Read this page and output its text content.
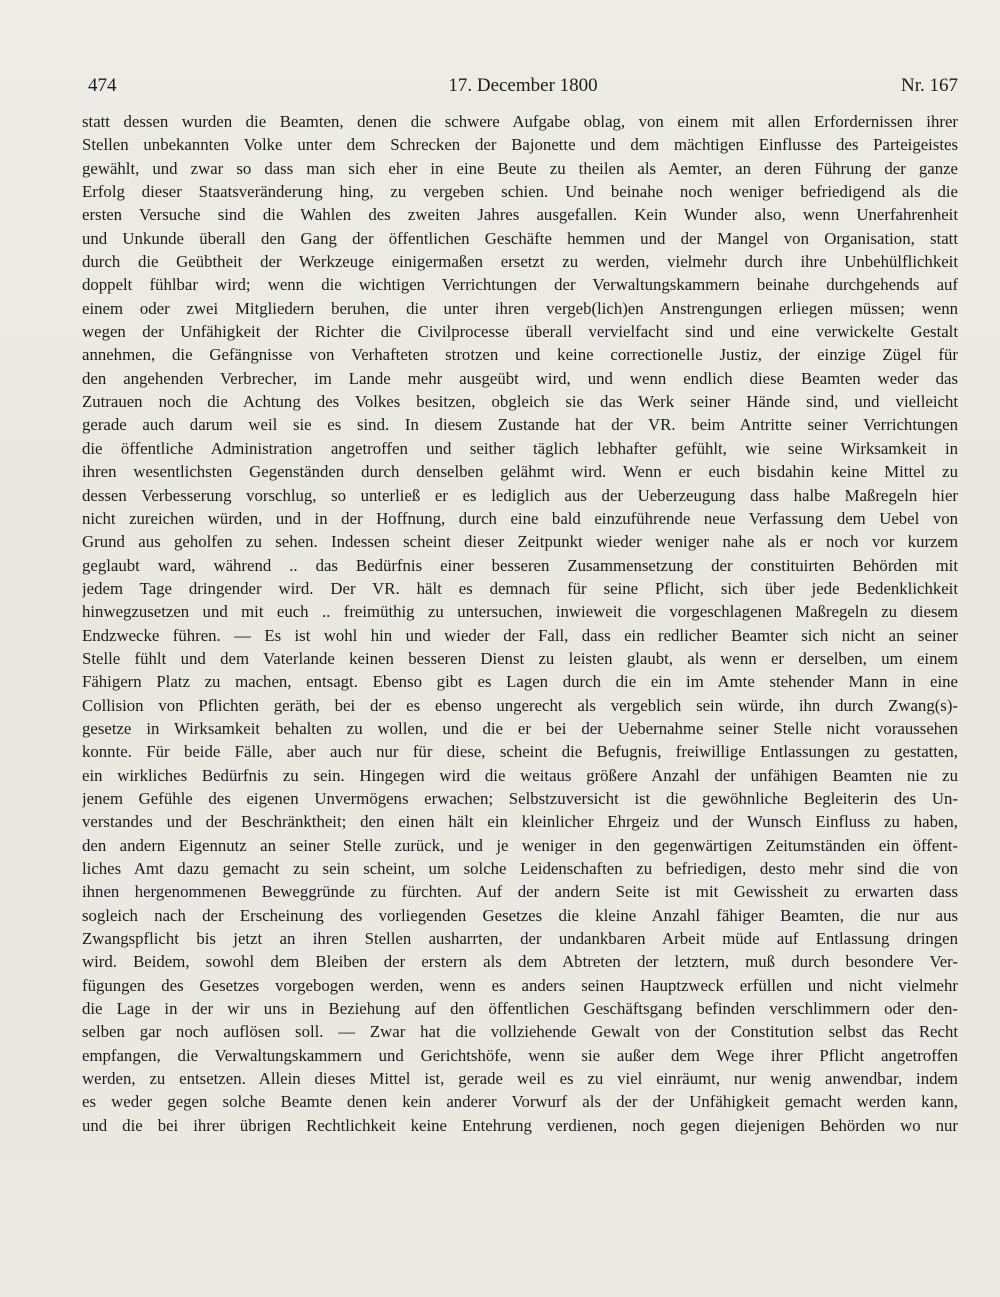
474	17. December 1800	Nr. 167
statt dessen wurden die Beamten, denen die schwere Aufgabe oblag, von einem mit allen Erfordernissen ihrer
Stellen unbekannten Volke unter dem Schrecken der Bajonette und dem mächtigen Einflusse des Parteigeistes
gewählt, und zwar so dass man sich eher in eine Beute zu theilen als Aemter, an deren Führung der ganze
Erfolg dieser Staatsveränderung hing, zu vergeben schien. Und beinahe noch weniger befriedigend als die
ersten Versuche sind die Wahlen des zweiten Jahres ausgefallen. Kein Wunder also, wenn Unerfahrenheit
und Unkunde überall den Gang der öffentlichen Geschäfte hemmen und der Mangel von Organisation, statt
durch die Geübtheit der Werkzeuge einigermaßen ersetzt zu werden, vielmehr durch ihre Unbehülflichkeit
doppelt fühlbar wird; wenn die wichtigen Verrichtungen der Verwaltungskammern beinahe durchgehends auf
einem oder zwei Mitgliedern beruhen, die unter ihren vergeb(lich)en Anstrengungen erliegen müssen; wenn
wegen der Unfähigkeit der Richter die Civilprocesse überall vervielfacht sind und eine verwickelte Gestalt
annehmen, die Gefängnisse von Verhafteten strotzen und keine correctionelle Justiz, der einzige Zügel für
den angehenden Verbrecher, im Lande mehr ausgeübt wird, und wenn endlich diese Beamten weder das
Zutrauen noch die Achtung des Volkes besitzen, obgleich sie das Werk seiner Hände sind, und vielleicht
gerade auch darum weil sie es sind. In diesem Zustande hat der VR. beim Antritte seiner Verrichtungen
die öffentliche Administration angetroffen und seither täglich lebhafter gefühlt, wie seine Wirksamkeit in
ihren wesentlichsten Gegenständen durch denselben gelähmt wird. Wenn er euch bisdahin keine Mittel zu
dessen Verbesserung vorschlug, so unterließ er es lediglich aus der Ueberzeugung dass halbe Maßregeln hier
nicht zureichen würden, und in der Hoffnung, durch eine bald einzuführende neue Verfassung dem Uebel von
Grund aus geholfen zu sehen. Indessen scheint dieser Zeitpunkt wieder weniger nahe als er noch vor kurzem
geglaubt ward, während .. das Bedürfnis einer besseren Zusammensetzung der constituirten Behörden mit
jedem Tage dringender wird. Der VR. hält es demnach für seine Pflicht, sich über jede Bedenklichkeit
hinwegzusetzen und mit euch .. freimüthig zu untersuchen, inwieweit die vorgeschlagenen Maßregeln zu diesem
Endzwecke führen. — Es ist wohl hin und wieder der Fall, dass ein redlicher Beamter sich nicht an seiner
Stelle fühlt und dem Vaterlande keinen besseren Dienst zu leisten glaubt, als wenn er derselben, um einem
Fähigern Platz zu machen, entsagt. Ebenso gibt es Lagen durch die ein im Amte stehender Mann in eine
Collision von Pflichten geräth, bei der es ebenso ungerecht als vergeblich sein würde, ihn durch Zwang(s)-
gesetze in Wirksamkeit behalten zu wollen, und die er bei der Uebernahme seiner Stelle nicht voraussehen
konnte. Für beide Fälle, aber auch nur für diese, scheint die Befugnis, freiwillige Entlassungen zu gestatten,
ein wirkliches Bedürfnis zu sein. Hingegen wird die weitaus größere Anzahl der unfähigen Beamten nie zu
jenem Gefühle des eigenen Unvermögens erwachen; Selbstzuversicht ist die gewöhnliche Begleiterin des Un-
verstandes und der Beschränktheit; den einen hält ein kleinlicher Ehrgeiz und der Wunsch Einfluss zu haben,
den andern Eigennutz an seiner Stelle zurück, und je weniger in den gegenwärtigen Zeitumständen ein öffent-
liches Amt dazu gemacht zu sein scheint, um solche Leidenschaften zu befriedigen, desto mehr sind die von
ihnen hergenommenen Beweggründe zu fürchten. Auf der andern Seite ist mit Gewissheit zu erwarten dass
sogleich nach der Erscheinung des vorliegenden Gesetzes die kleine Anzahl fähiger Beamten, die nur aus
Zwangspflicht bis jetzt an ihren Stellen ausharrten, der undankbaren Arbeit müde auf Entlassung dringen
wird. Beidem, sowohl dem Bleiben der erstern als dem Abtreten der letztern, muß durch besondere Ver-
fügungen des Gesetzes vorgebogen werden, wenn es anders seinen Hauptzweck erfüllen und nicht vielmehr
die Lage in der wir uns in Beziehung auf den öffentlichen Geschäftsgang befinden verschlimmern oder den-
selben gar noch auflösen soll. — Zwar hat die vollziehende Gewalt von der Constitution selbst das Recht
empfangen, die Verwaltungskammern und Gerichtshöfe, wenn sie außer dem Wege ihrer Pflicht angetroffen
werden, zu entsetzen. Allein dieses Mittel ist, gerade weil es zu viel einräumt, nur wenig anwendbar, indem
es weder gegen solche Beamte denen kein anderer Vorwurf als der der Unfähigkeit gemacht werden kann,
und die bei ihrer übrigen Rechtlichkeit keine Entehrung verdienen, noch gegen diejenigen Behörden wo nur
